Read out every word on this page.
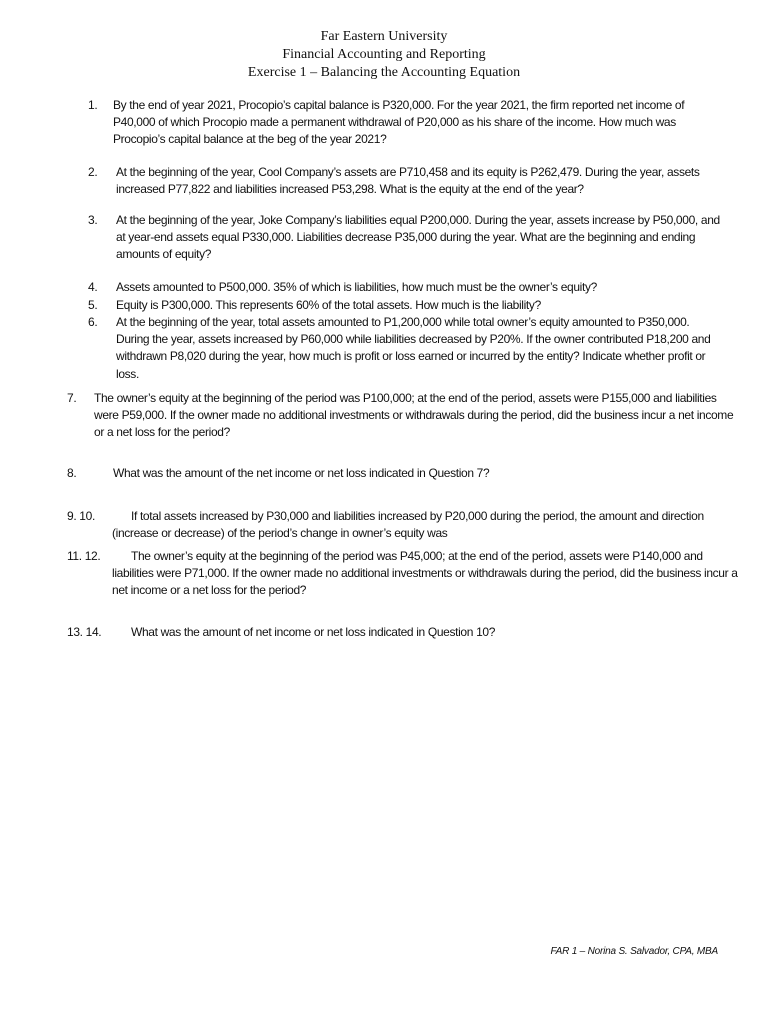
Far Eastern University
Financial Accounting and Reporting
Exercise 1 – Balancing the Accounting Equation
1. By the end of year 2021, Procopio’s capital balance is P320,000. For the year 2021, the firm reported net income of P40,000 of which Procopio made a permanent withdrawal of P20,000 as his share of the income. How much was Procopio’s capital balance at the beg of the year 2021?
2. At the beginning of the year, Cool Company’s assets are P710,458 and its equity is P262,479. During the year, assets increased P77,822 and liabilities increased P53,298. What is the equity at the end of the year?
3. At the beginning of the year, Joke Company’s liabilities equal P200,000. During the year, assets increase by P50,000, and at year-end assets equal P330,000. Liabilities decrease P35,000 during the year. What are the beginning and ending amounts of equity?
4. Assets amounted to P500,000. 35% of which is liabilities, how much must be the owner’s equity?
5. Equity is P300,000. This represents 60% of the total assets. How much is the liability?
6. At the beginning of the year, total assets amounted to P1,200,000 while total owner’s equity amounted to P350,000. During the year, assets increased by P60,000 while liabilities decreased by P20%. If the owner contributed P18,200 and withdrawn P8,020 during the year, how much is profit or loss earned or incurred by the entity? Indicate whether profit or loss.
7. The owner’s equity at the beginning of the period was P100,000; at the end of the period, assets were P155,000 and liabilities were P59,000. If the owner made no additional investments or withdrawals during the period, did the business incur a net income or a net loss for the period?
8.	What was the amount of the net income or net loss indicated in Question 7?
9. 10.	If total assets increased by P30,000 and liabilities increased by P20,000 during the period, the amount and direction (increase or decrease) of the period’s change in owner’s equity was
11. 12.	The owner’s equity at the beginning of the period was P45,000; at the end of the period, assets were P140,000 and liabilities were P71,000. If the owner made no additional investments or withdrawals during the period, did the business incur a net income or a net loss for the period?
13. 14. What was the amount of net income or net loss indicated in Question 10?
FAR 1 – Norina S. Salvador, CPA, MBA
